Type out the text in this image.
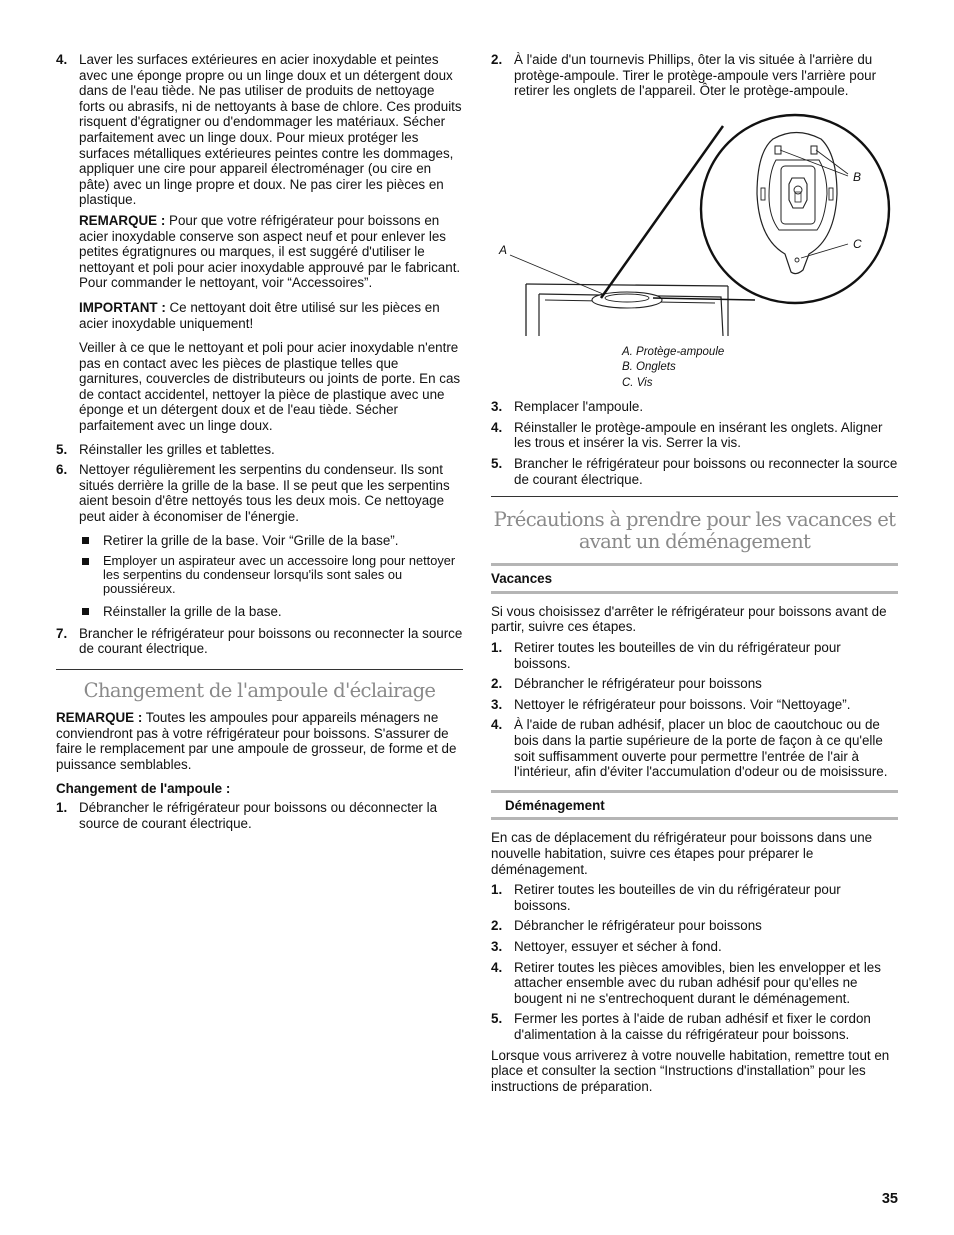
4. Laver les surfaces extérieures en acier inoxydable et peintes avec une éponge propre ou un linge doux et un détergent doux dans de l'eau tiède. Ne pas utiliser de produits de nettoyage forts ou abrasifs, ni de nettoyants à base de chlore. Ces produits risquent d'égratigner ou d'endommager les matériaux. Sécher parfaitement avec un linge doux. Pour mieux protéger les surfaces métalliques extérieures peintes contre les dommages, appliquer une cire pour appareil électroménager (ou cire en pâte) avec un linge propre et doux. Ne pas cirer les pièces en plastique.

REMARQUE : Pour que votre réfrigérateur pour boissons en acier inoxydable conserve son aspect neuf et pour enlever les petites égratignures ou marques, il est suggéré d'utiliser le nettoyant et poli pour acier inoxydable approuvé par le fabricant. Pour commander le nettoyant, voir “Accessoires”.

IMPORTANT : Ce nettoyant doit être utilisé sur les pièces en acier inoxydable uniquement!

Veiller à ce que le nettoyant et poli pour acier inoxydable n'entre pas en contact avec les pièces de plastique telles que garnitures, couvercles de distributeurs ou joints de porte. En cas de contact accidentel, nettoyer la pièce de plastique avec une éponge et un détergent doux et de l'eau tiède. Sécher parfaitement avec un linge doux.

5. Réinstaller les grilles et tablettes.
6. Nettoyer régulièrement les serpentins du condenseur. Ils sont situés derrière la grille de la base. Il se peut que les serpentins aient besoin d'être nettoyés tous les deux mois. Ce nettoyage peut aider à économiser de l'énergie.
Retirer la grille de la base. Voir “Grille de la base”.
Employer un aspirateur avec un accessoire long pour nettoyer les serpentins du condenseur lorsqu'ils sont sales ou poussiéreux.
Réinstaller la grille de la base.
7. Brancher le réfrigérateur pour boissons ou reconnecter la source de courant électrique.
Changement de l'ampoule d'éclairage

REMARQUE : Toutes les ampoules pour appareils ménagers ne conviendront pas à votre réfrigérateur pour boissons. S'assurer de faire le remplacement par une ampoule de grosseur, de forme et de puissance semblables.

Changement de l'ampoule :

1. Débrancher le réfrigérateur pour boissons ou déconnecter la source de courant électrique.
2. À l'aide d'un tournevis Phillips, ôter la vis située à l'arrière du protège-ampoule. Tirer le protège-ampoule vers l'arrière pour retirer les onglets de l'appareil. Ôter le protège-ampoule.
A
B
C
A. Protège-ampoule
B. Onglets
C. Vis
3. Remplacer l'ampoule.
4. Réinstaller le protège-ampoule en insérant les onglets. Aligner les trous et insérer la vis. Serrer la vis.
5. Brancher le réfrigérateur pour boissons ou reconnecter la source de courant électrique.
Précautions à prendre pour les vacances et avant un déménagement
Vacances

Si vous choisissez d'arrêter le réfrigérateur pour boissons avant de partir, suivre ces étapes.

1. Retirer toutes les bouteilles de vin du réfrigérateur pour boissons.
2. Débrancher le réfrigérateur pour boissons
3. Nettoyer le réfrigérateur pour boissons. Voir “Nettoyage”.
4. À l'aide de ruban adhésif, placer un bloc de caoutchouc ou de bois dans la partie supérieure de la porte de façon à ce qu'elle soit suffisamment ouverte pour permettre l'entrée de l'air à l'intérieur, afin d'éviter l'accumulation d'odeur ou de moisissure.
Déménagement

En cas de déplacement du réfrigérateur pour boissons dans une nouvelle habitation, suivre ces étapes pour préparer le déménagement.

1. Retirer toutes les bouteilles de vin du réfrigérateur pour boissons.
2. Débrancher le réfrigérateur pour boissons
3. Nettoyer, essuyer et sécher à fond.
4. Retirer toutes les pièces amovibles, bien les envelopper et les attacher ensemble avec du ruban adhésif pour qu'elles ne bougent ni ne s'entrechoquent durant le déménagement.
5. Fermer les portes à l'aide de ruban adhésif et fixer le cordon d'alimentation à la caisse du réfrigérateur pour boissons.

Lorsque vous arriverez à votre nouvelle habitation, remettre tout en place et consulter la section “Instructions d'installation” pour les instructions de préparation.

35
